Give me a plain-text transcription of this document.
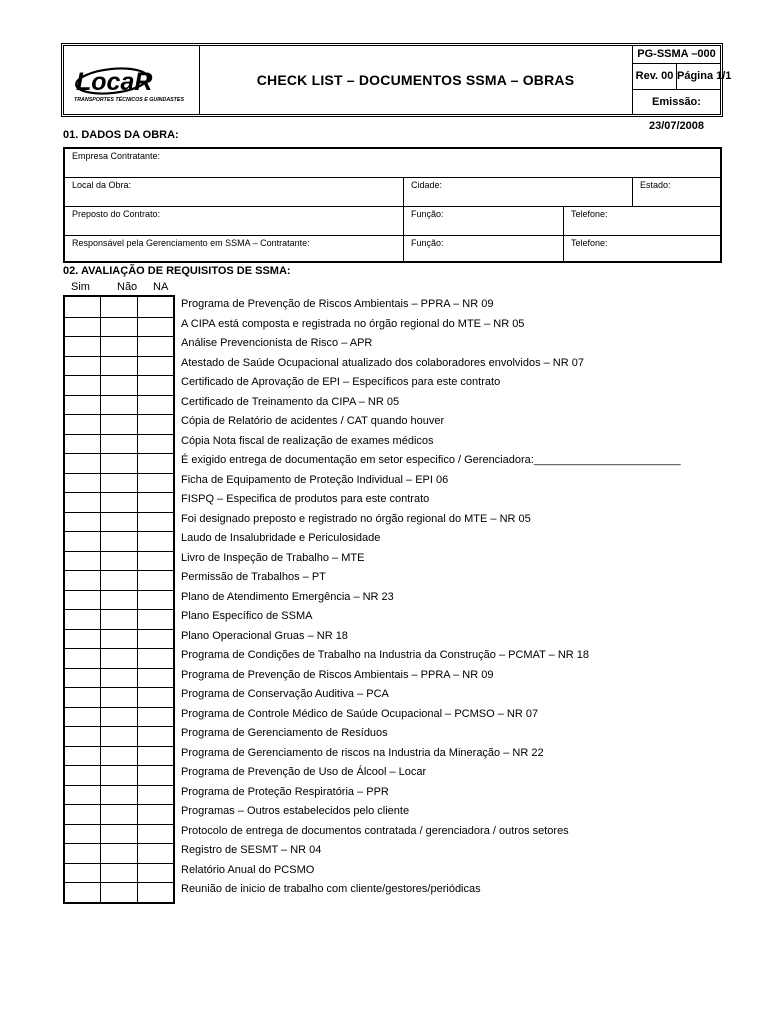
LocaR
TRANSPORTES TÉCNICOS E GUINDASTES
CHECK LIST – DOCUMENTOS SSMA – OBRAS
PG-SSMA –000
Rev. 00 Página 1/1
Emissão: 23/07/2008
01. DADOS DA OBRA:
Empresa Contratante:
Local da Obra:	Cidade:	Estado:
Preposto do Contrato:	Função:	Telefone:
Responsável pela Gerenciamento em SSMA – Contratante:	Função:	Telefone:
02. AVALIAÇÃO DE REQUISITOS DE SSMA:
Sim Não NA
Programa de Prevenção de Riscos Ambientais – PPRA – NR 09
A CIPA está composta e registrada no órgão regional do MTE – NR 05
Análise Prevencionista de Risco – APR
Atestado de Saúde Ocupacional atualizado dos colaboradores envolvidos – NR 07
Certificado de Aprovação de EPI – Específicos para este contrato
Certificado de Treinamento da CIPA – NR 05
Cópia de Relatório de acidentes / CAT quando houver
Cópia Nota fiscal de realização de exames médicos
É exigido entrega de documentação em setor especifico / Gerenciadora:________________________
Ficha de Equipamento de Proteção Individual – EPI 06
FISPQ – Especifica de produtos para este contrato
Foi designado preposto e registrado no órgão regional do MTE – NR 05
Laudo de Insalubridade e Periculosidade
Livro de Inspeção de Trabalho – MTE
Permissão de Trabalhos – PT
Plano de Atendimento Emergência – NR 23
Plano Específico de SSMA
Plano Operacional Gruas – NR 18
Programa de Condições de Trabalho na Industria da Construção – PCMAT – NR 18
Programa de Prevenção de Riscos Ambientais – PPRA – NR 09
Programa de Conservação Auditiva – PCA
Programa de Controle Médico de Saúde Ocupacional – PCMSO – NR 07
Programa de Gerenciamento de Resíduos
Programa de Gerenciamento de riscos na Industria da Mineração – NR 22
Programa de Prevenção de Uso de Álcool – Locar
Programa de Proteção Respiratória – PPR
Programas – Outros estabelecidos pelo cliente
Protocolo de entrega de documentos contratada / gerenciadora / outros setores
Registro de SESMT – NR 04
Relatório Anual do PCSMO
Reunião de inicio de trabalho com cliente/gestores/periódicas
